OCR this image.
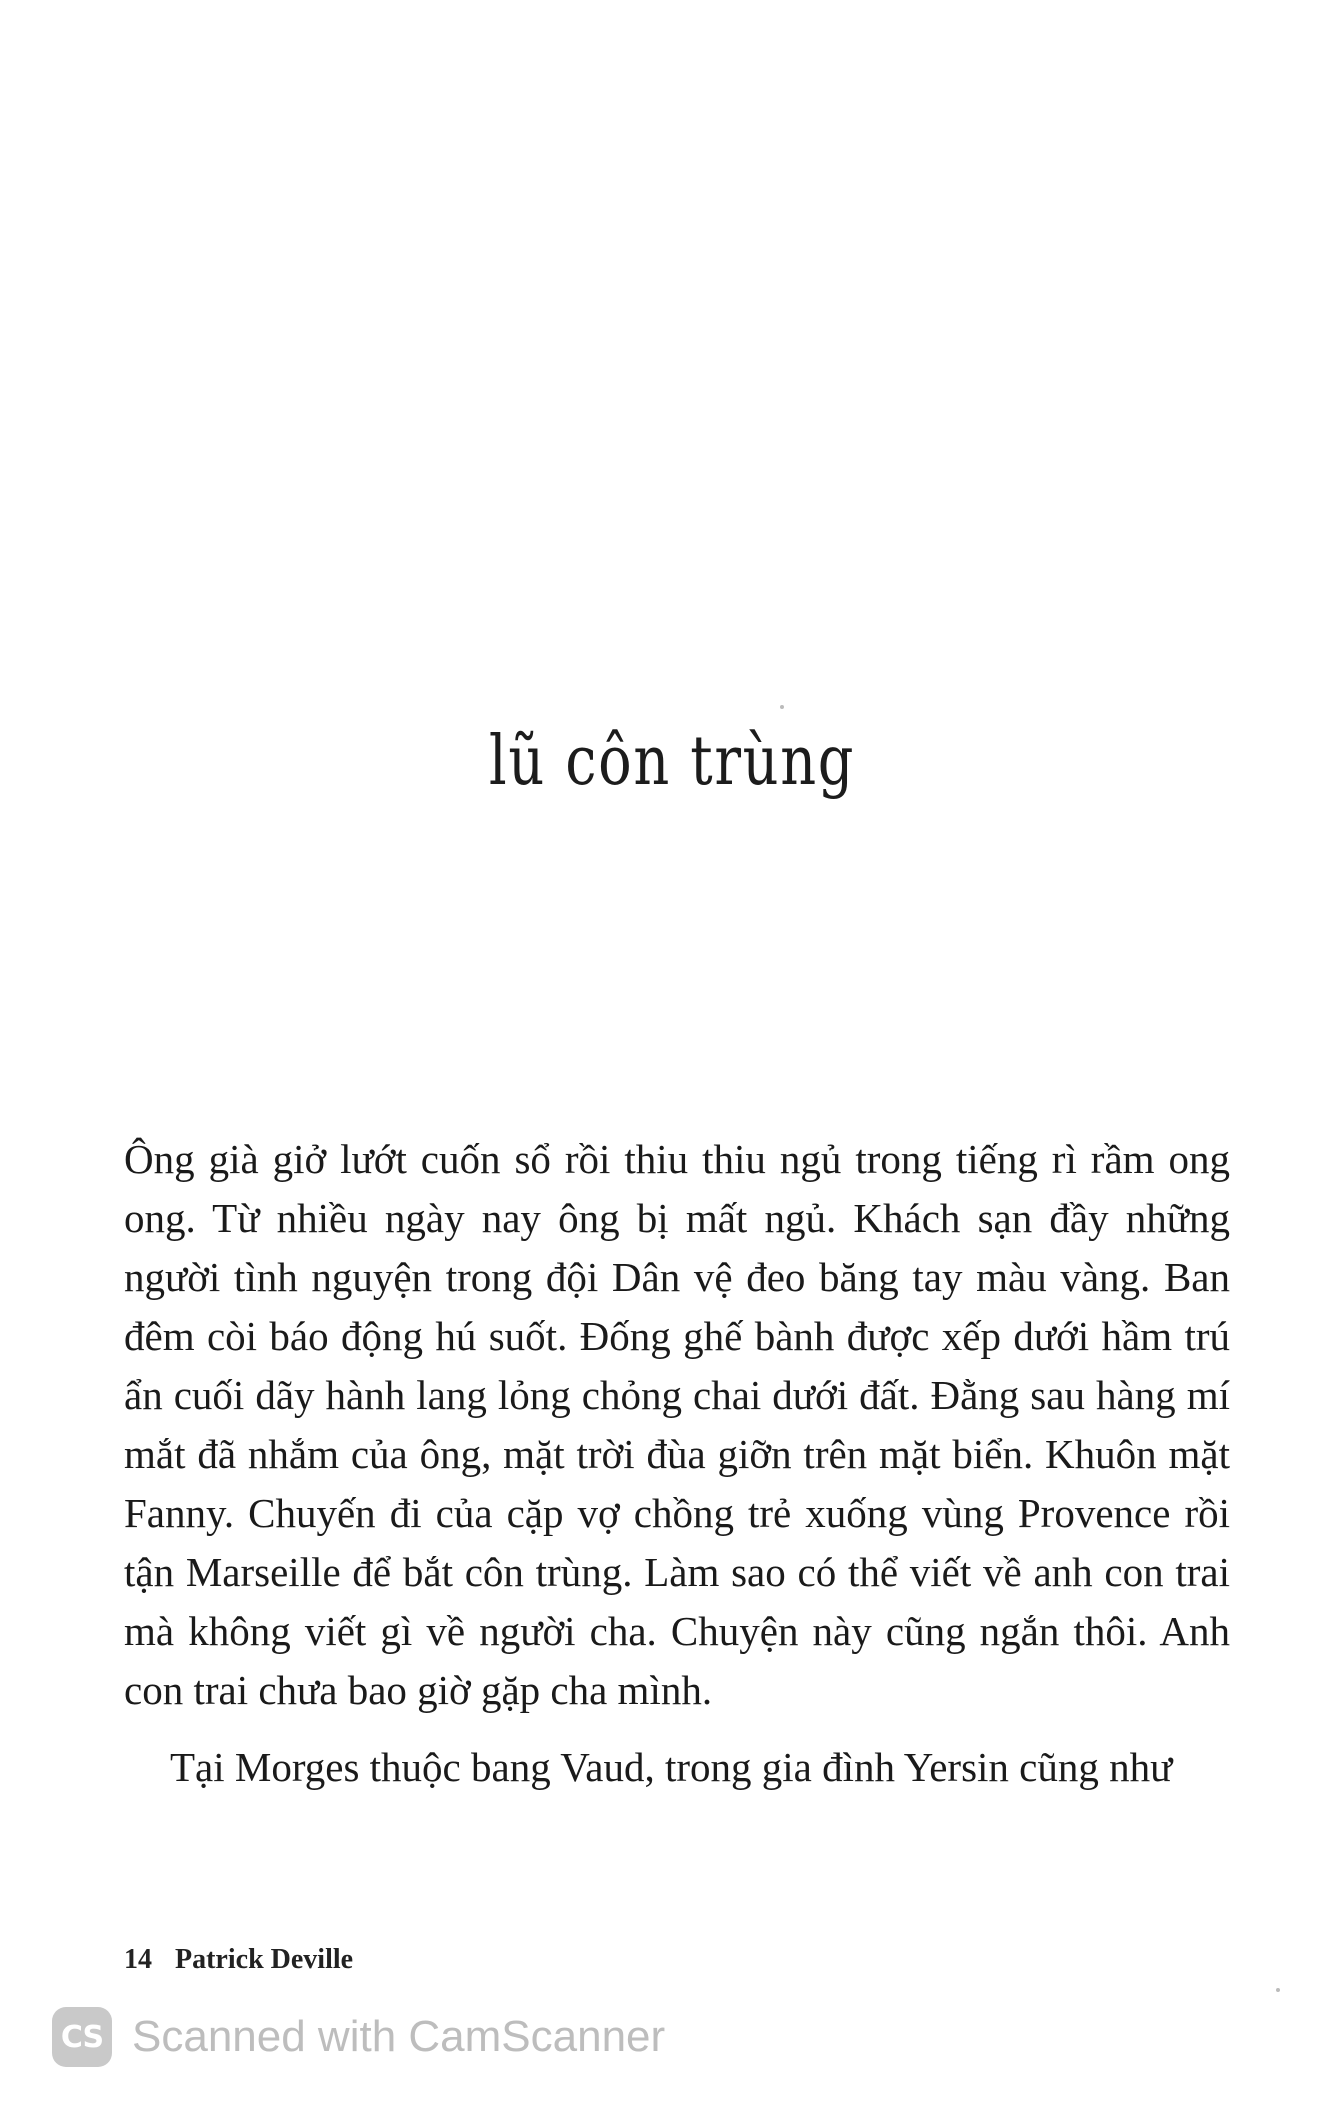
lũ côn trùng

Ông già giở lướt cuốn sổ rồi thiu thiu ngủ trong tiếng rì rầm ong ong. Từ nhiều ngày nay ông bị mất ngủ. Khách sạn đầy những người tình nguyện trong đội Dân vệ đeo băng tay màu vàng. Ban đêm còi báo động hú suốt. Đống ghế bành được xếp dưới hầm trú ẩn cuối dãy hành lang lỏng chỏng chai dưới đất. Đằng sau hàng mí mắt đã nhắm của ông, mặt trời đùa giỡn trên mặt biển. Khuôn mặt Fanny. Chuyến đi của cặp vợ chồng trẻ xuống vùng Provence rồi tận Marseille để bắt côn trùng. Làm sao có thể viết về anh con trai mà không viết gì về người cha. Chuyện này cũng ngắn thôi. Anh con trai chưa bao giờ gặp cha mình.

Tại Morges thuộc bang Vaud, trong gia đình Yersin cũng như

14 Patrick Deville
CS Scanned with CamScanner
